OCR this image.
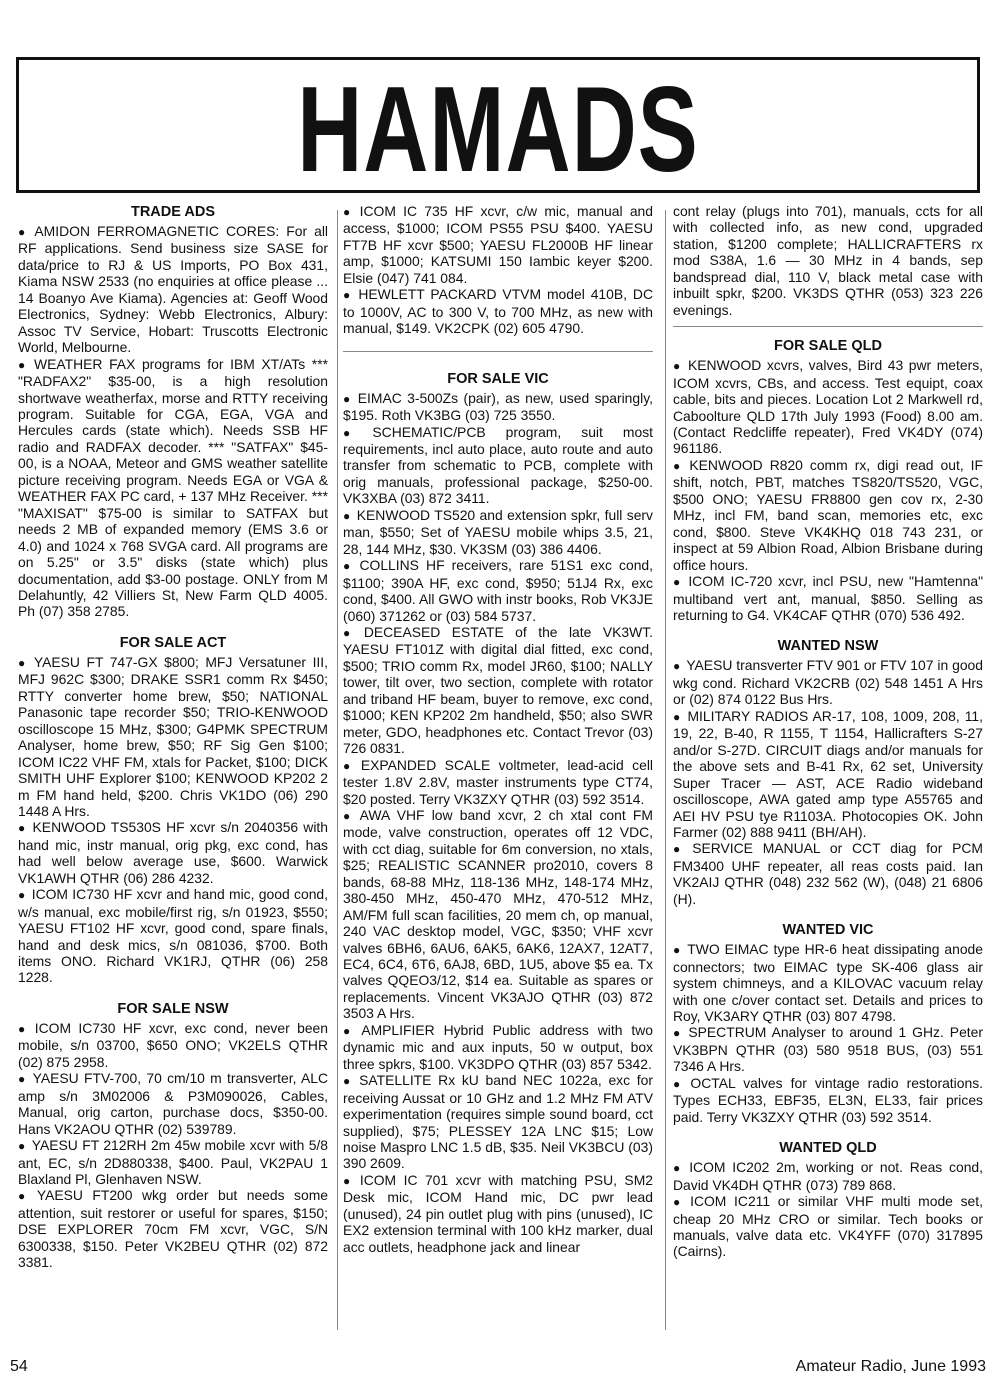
HAMADS
TRADE ADS

● AMIDON FERROMAGNETIC CORES: For all RF applications. Send business size SASE for data/price to RJ & US Imports, PO Box 431, Kiama NSW 2533 (no enquiries at office please ... 14 Boanyo Ave Kiama). Agencies at: Geoff Wood Electronics, Sydney: Webb Electronics, Albury: Assoc TV Service, Hobart: Truscotts Electronic World, Melbourne.

● WEATHER FAX programs for IBM XT/ATs *** "RADFAX2" $35-00, is a high resolution shortwave weatherfax, morse and RTTY receiving program. Suitable for CGA, EGA, VGA and Hercules cards (state which). Needs SSB HF radio and RADFAX decoder. *** "SATFAX" $45-00, is a NOAA, Meteor and GMS weather satellite picture receiving program. Needs EGA or VGA & WEATHER FAX PC card, + 137 MHz Receiver. *** "MAXISAT" $75-00 is similar to SATFAX but needs 2 MB of expanded memory (EMS 3.6 or 4.0) and 1024 x 768 SVGA card. All programs are on 5.25" or 3.5" disks (state which) plus documentation, add $3-00 postage. ONLY from M Delahuntly, 42 Villiers St, New Farm QLD 4005. Ph (07) 358 2785.

FOR SALE ACT

● YAESU FT 747-GX $800; MFJ Versatuner III, MFJ 962C $300; DRAKE SSR1 comm Rx $450; RTTY converter home brew, $50; NATIONAL Panasonic tape recorder $50; TRIO-KENWOOD oscilloscope 15 MHz, $300; G4PMK SPECTRUM Analyser, home brew, $50; RF Sig Gen $100; ICOM IC22 VHF FM, xtals for Packet, $100; DICK SMITH UHF Explorer $100; KENWOOD KP202 2 m FM hand held, $200. Chris VK1DO (06) 290 1448 A Hrs.

● KENWOOD TS530S HF xcvr s/n 2040356 with hand mic, instr manual, orig pkg, exc cond, has had well below average use, $600. Warwick VK1AWH QTHR (06) 286 4232.

● ICOM IC730 HF xcvr and hand mic, good cond, w/s manual, exc mobile/first rig, s/n 01923, $550; YAESU FT102 HF xcvr, good cond, spare finals, hand and desk mics, s/n 081036, $700. Both items ONO. Richard VK1RJ, QTHR (06) 258 1228.

FOR SALE NSW

● ICOM IC730 HF xcvr, exc cond, never been mobile, s/n 03700, $650 ONO; VK2ELS QTHR (02) 875 2958.

● YAESU FTV-700, 70 cm/10 m transverter, ALC amp s/n 3M02006 & P3M090026, Cables, Manual, orig carton, purchase docs, $350-00. Hans VK2AOU QTHR (02) 539789.

● YAESU FT 212RH 2m 45w mobile xcvr with 5/8 ant, EC, s/n 2D880338, $400. Paul, VK2PAU 1 Blaxland Pl, Glenhaven NSW.

● YAESU FT200 wkg order but needs some attention, suit restorer or useful for spares, $150; DSE EXPLORER 70cm FM xcvr, VGC, S/N 6300338, $150. Peter VK2BEU QTHR (02) 872 3381.

● ICOM IC 735 HF xcvr, c/w mic, manual and access, $1000; ICOM PS55 PSU $400. YAESU FT7B HF xcvr $500; YAESU FL2000B HF linear amp, $1000; KATSUMI 150 Iambic keyer $200. Elsie (047) 741 084.

● HEWLETT PACKARD VTVM model 410B, DC to 1000V, AC to 300 V, to 700 MHz, as new with manual, $149. VK2CPK (02) 605 4790.

FOR SALE VIC

● EIMAC 3-500Zs (pair), as new, used sparingly, $195. Roth VK3BG (03) 725 3550.

● SCHEMATIC/PCB program, suit most requirements, incl auto place, auto route and auto transfer from schematic to PCB, complete with orig manuals, professional package, $250-00. VK3XBA (03) 872 3411.

● KENWOOD TS520 and extension spkr, full serv man, $550; Set of YAESU mobile whips 3.5, 21, 28, 144 MHz, $30. VK3SM (03) 386 4406.

● COLLINS HF receivers, rare 51S1 exc cond, $1100; 390A HF, exc cond, $950; 51J4 Rx, exc cond, $400. All GWO with instr books, Rob VK3JE (060) 371262 or (03) 584 5737.

● DECEASED ESTATE of the late VK3WT. YAESU FT101Z with digital dial fitted, exc cond, $500; TRIO comm Rx, model JR60, $100; NALLY tower, tilt over, two section, complete with rotator and triband HF beam, buyer to remove, exc cond, $1000; KEN KP202 2m handheld, $50; also SWR meter, GDO, headphones etc. Contact Trevor (03) 726 0831.

● EXPANDED SCALE voltmeter, lead-acid cell tester 1.8V 2.8V, master instruments type CT74, $20 posted. Terry VK3ZXY QTHR (03) 592 3514.

● AWA VHF low band xcvr, 2 ch xtal cont FM mode, valve construction, operates off 12 VDC, with cct diag, suitable for 6m conversion, no xtals, $25; REALISTIC SCANNER pro2010, covers 8 bands, 68-88 MHz, 118-136 MHz, 148-174 MHz, 380-450 MHz, 450-470 MHz, 470-512 MHz, AM/FM full scan facilities, 20 mem ch, op manual, 240 VAC desktop model, VGC, $350; VHF xcvr valves 6BH6, 6AU6, 6AK5, 6AK6, 12AX7, 12AT7, EC4, 6C4, 6T6, 6AJ8, 6BD, 1U5, above $5 ea. Tx valves QQEO3/12, $14 ea. Suitable as spares or replacements. Vincent VK3AJO QTHR (03) 872 3503 A Hrs.

● AMPLIFIER Hybrid Public address with two dynamic mic and aux inputs, 50 w output, box three spkrs, $100. VK3DPO QTHR (03) 857 5342.

● SATELLITE Rx kU band NEC 1022a, exc for receiving Aussat or 10 GHz and 1.2 MHz FM ATV experimentation (requires simple sound board, cct supplied), $75; PLESSEY 12A LNC $15; Low noise Maspro LNC 1.5 dB, $35. Neil VK3BCU (03) 390 2609.

● ICOM IC 701 xcvr with matching PSU, SM2 Desk mic, ICOM Hand mic, DC pwr lead (unused), 24 pin outlet plug with pins (unused), IC EX2 extension terminal with 100 kHz marker, dual acc outlets, headphone jack and linear

cont relay (plugs into 701), manuals, ccts for all with collected info, as new cond, upgraded station, $1200 complete; HALLICRAFTERS rx mod S38A, 1.6 — 30 MHz in 4 bands, sep bandspread dial, 110 V, black metal case with inbuilt spkr, $200. VK3DS QTHR (053) 323 226 evenings.

FOR SALE QLD

● KENWOOD xcvrs, valves, Bird 43 pwr meters, ICOM xcvrs, CBs, and access. Test equipt, coax cable, bits and pieces. Location Lot 2 Markwell rd, Caboolture QLD 17th July 1993 (Food) 8.00 am. (Contact Redcliffe repeater), Fred VK4DY (074) 961186.

● KENWOOD R820 comm rx, digi read out, IF shift, notch, PBT, matches TS820/TS520, VGC, $500 ONO; YAESU FR8800 gen cov rx, 2-30 MHz, incl FM, band scan, memories etc, exc cond, $800. Steve VK4KHQ 018 743 231, or inspect at 59 Albion Road, Albion Brisbane during office hours.

● ICOM IC-720 xcvr, incl PSU, new "Hamtenna" multiband vert ant, manual, $850. Selling as returning to G4. VK4CAF QTHR (070) 536 492.

WANTED NSW

● YAESU transverter FTV 901 or FTV 107 in good wkg cond. Richard VK2CRB (02) 548 1451 A Hrs or (02) 874 0122 Bus Hrs.

● MILITARY RADIOS AR-17, 108, 1009, 208, 11, 19, 22, B-40, R 1155, T 1154, Hallicrafters S-27 and/or S-27D. CIRCUIT diags and/or manuals for the above sets and B-41 Rx, 62 set, University Super Tracer — AST, ACE Radio wideband oscilloscope, AWA gated amp type A55765 and AEI HV PSU tye R1103A. Photocopies OK. John Farmer (02) 888 9411 (BH/AH).

● SERVICE MANUAL or CCT diag for PCM FM3400 UHF repeater, all reas costs paid. Ian VK2AIJ QTHR (048) 232 562 (W), (048) 21 6806 (H).

WANTED VIC

● TWO EIMAC type HR-6 heat dissipating anode connectors; two EIMAC type SK-406 glass air system chimneys, and a KILOVAC vacuum relay with one c/over contact set. Details and prices to Roy, VK3ARY QTHR (03) 807 4798.

● SPECTRUM Analyser to around 1 GHz. Peter VK3BPN QTHR (03) 580 9518 BUS, (03) 551 7346 A Hrs.

● OCTAL valves for vintage radio restorations. Types ECH33, EBF35, EL3N, EL33, fair prices paid. Terry VK3ZXY QTHR (03) 592 3514.

WANTED QLD

● ICOM IC202 2m, working or not. Reas cond, David VK4DH QTHR (073) 789 868.

● ICOM IC211 or similar VHF multi mode set, cheap 20 MHz CRO or similar. Tech books or manuals, valve data etc. VK4YFF (070) 317895 (Cairns).

54	Amateur Radio, June 1993
